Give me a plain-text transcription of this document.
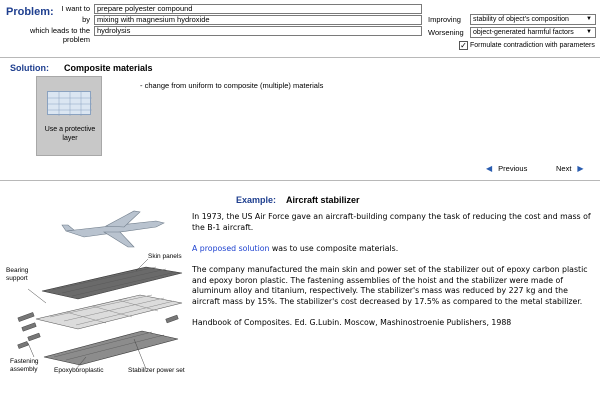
Problem:	I want to prepare polyester compound
by mixing with magnesium hydroxide
which leads to the problem
hydrolysis
Improving	stability of object's composition	▼
Worsening	object-generated harmful factors	▼
✓ Formulate contradiction with parameters
Solution: Composite materials
Use a protective layer
- change from uniform to composite (multiple) materials
◀ Previous	Next ▶
Example: Aircraft stabilizer
In 1973, the US Air Force gave an aircraft-building company the task of reducing the cost and mass of the B-1 aircraft.
A proposed solution was to use composite materials.
The company manufactured the main skin and power set of the stabilizer out of epoxy carbon plastic and epoxy boron plastic. The fastening assemblies of the hoist and the stabilizer were made of aluminum alloy and titanium, respectively. The stabilizer's mass was reduced by 227 kg and the aircraft mass by 15%. The stabilizer's cost decreased by 17.5% as compared to the metal stabilizer.
Handbook of Composites. Ed. G.Lubin. Moscow, Mashinostroenie Publishers, 1988
Skin panels
Bearing support
Fastening assembly	Epoxyboroplastic	Stabilizer power set
